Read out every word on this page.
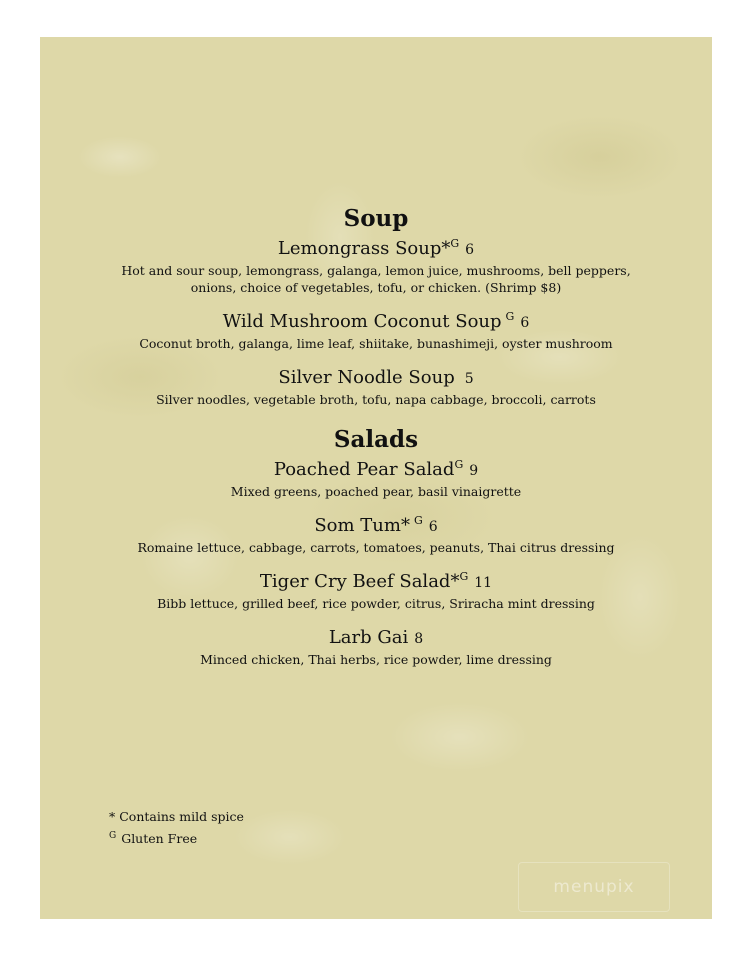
Soup
Lemongrass Soup*$^G$ 6
Hot and sour soup, lemongrass, galanga, lemon juice, mushrooms, bell peppers, onions, choice of vegetables, tofu, or chicken. (Shrimp $8)
Wild Mushroom Coconut Soup $^G$ 6
Coconut broth, galanga, lime leaf, shiitake, bunashimeji, oyster mushroom
Silver Noodle Soup 5
Silver noodles, vegetable broth, tofu, napa cabbage, broccoli, carrots
Salads
Poached Pear Salad$^G$ 9
Mixed greens, poached pear, basil vinaigrette
Som Tum* $^G$ 6
Romaine lettuce, cabbage, carrots, tomatoes, peanuts, Thai citrus dressing
Tiger Cry Beef Salad*$^G$ 11
Bibb lettuce, grilled beef, rice powder, citrus, Sriracha mint dressing
Larb Gai 8
Minced chicken, Thai herbs, rice powder, lime dressing
* Contains mild spice
$^G$ Gluten Free
menupix
